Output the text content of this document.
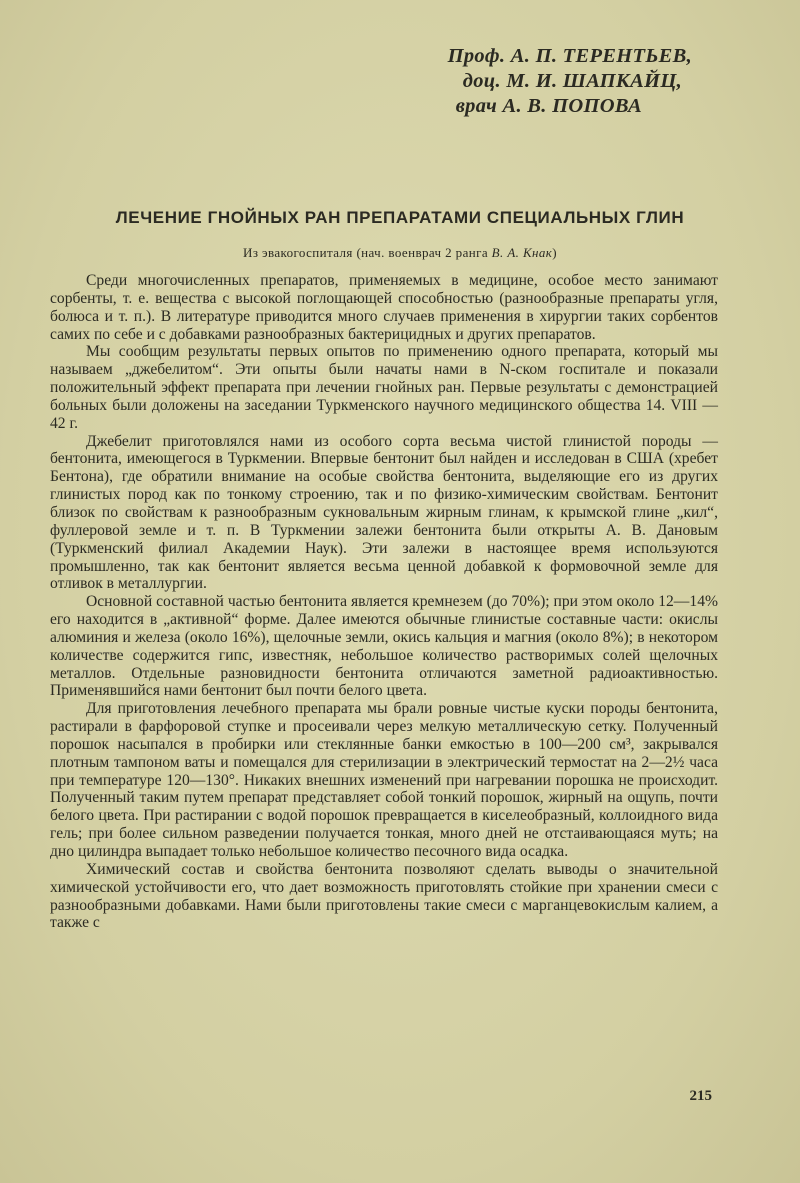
Проф. А. П. ТЕРЕНТЬЕВ,
доц. М. И. ШАПКАЙЦ,
врач А. В. ПОПОВА
ЛЕЧЕНИЕ ГНОЙНЫХ РАН ПРЕПАРАТАМИ СПЕЦИАЛЬНЫХ ГЛИН
Из эвакогоспиталя (нач. военврач 2 ранга В. А. Кнак)

Среди многочисленных препаратов, применяемых в медицине, особое место занимают сорбенты, т. е. вещества с высокой поглощающей способностью (разнообразные препараты угля, болюса и т. п.). В литературе приводится много случаев применения в хирургии таких сорбентов самих по себе и с добавками разнообразных бактерицидных и других препаратов.

Мы сообщим результаты первых опытов по применению одного препарата, который мы называем „джебелитом“. Эти опыты были начаты нами в N-ском госпитале и показали положительный эффект препарата при лечении гнойных ран. Первые результаты с демонстрацией больных были доложены на заседании Туркменского научного медицинского общества 14. VIII — 42 г.

Джебелит приготовлялся нами из особого сорта весьма чистой глинистой породы — бентонита, имеющегося в Туркмении. Впервые бентонит был найден и исследован в США (хребет Бентона), где обратили внимание на особые свойства бентонита, выделяющие его из других глинистых пород как по тонкому строению, так и по физико-химическим свойствам. Бентонит близок по свойствам к разнообразным сукновальным жирным глинам, к крымской глине „кил“, фуллеровой земле и т. п. В Туркмении залежи бентонита были открыты А. В. Дановым (Туркменский филиал Академии Наук). Эти залежи в настоящее время используются промышленно, так как бентонит является весьма ценной добавкой к формовочной земле для отливок в металлургии.

Основной составной частью бентонита является кремнезем (до 70%); при этом около 12—14% его находится в „активной“ форме. Далее имеются обычные глинистые составные части: окислы алюминия и железа (около 16%), щелочные земли, окись кальция и магния (около 8%); в некотором количестве содержится гипс, известняк, небольшое количество растворимых солей щелочных металлов. Отдельные разновидности бентонита отличаются заметной радиоактивностью. Применявшийся нами бентонит был почти белого цвета.

Для приготовления лечебного препарата мы брали ровные чистые куски породы бентонита, растирали в фарфоровой ступке и просеивали через мелкую металлическую сетку. Полученный порошок насыпался в пробирки или стеклянные банки емкостью в 100—200 см³, закрывался плотным тампоном ваты и помещался для стерилизации в электрический термостат на 2—2½ часа при температуре 120—130°. Никаких внешних изменений при нагревании порошка не происходит. Полученный таким путем препарат представляет собой тонкий порошок, жирный на ощупь, почти белого цвета. При растирании с водой порошок превращается в киселеобразный, коллоидного вида гель; при более сильном разведении получается тонкая, много дней не отстаивающаяся муть; на дно цилиндра выпадает только небольшое количество песочного вида осадка.

Химический состав и свойства бентонита позволяют сделать выводы о значительной химической устойчивости его, что дает возможность приготовлять стойкие при хранении смеси с разнообразными добавками. Нами были приготовлены такие смеси с марганцевокислым калием, а также с

215
